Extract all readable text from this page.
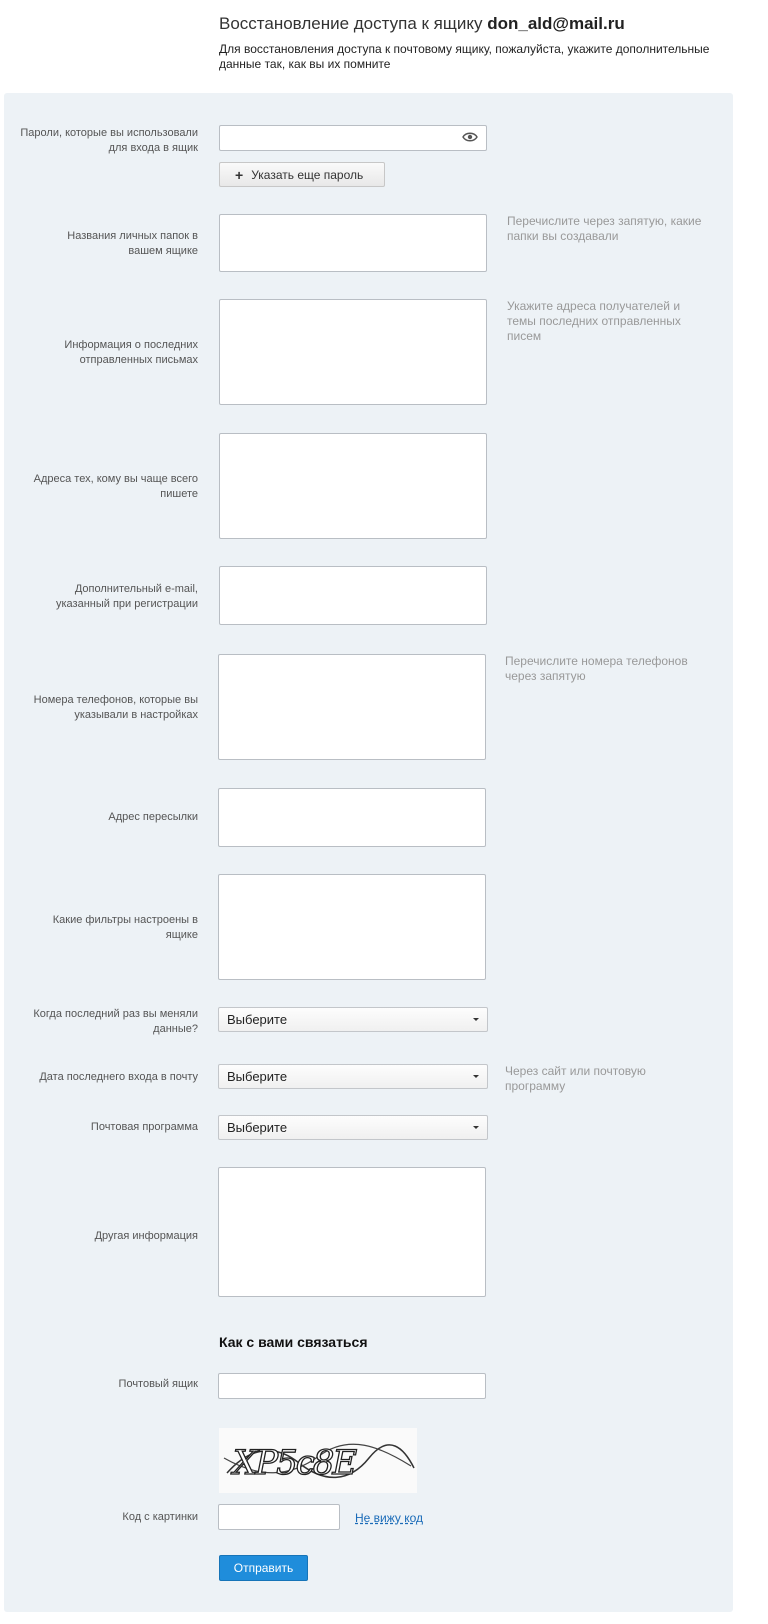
Восстановление доступа к ящику don_ald@mail.ru
Для восстановления доступа к почтовому ящику, пожалуйста, укажите дополнительные данные так, как вы их помните
Пароли, которые вы использовали для входа в ящик
+ Указать еще пароль
Названия личных папок в вашем ящике
Перечислите через запятую, какие папки вы создавали
Информация о последних отправленных письмах
Укажите адреса получателей и темы последних отправленных писем
Адреса тех, кому вы чаще всего пишете
Дополнительный e-mail, указанный при регистрации
Номера телефонов, которые вы указывали в настройках
Перечислите номера телефонов через запятую
Адрес пересылки
Какие фильтры настроены в ящике
Когда последний раз вы меняли данные?
Выберите
Дата последнего входа в почту Выберите	Через сайт или почтовую программу
Почтовая программа Выберите
Другая информация
Как с вами связаться
Почтовый ящик
XP5c8E
Код с картинки	Не вижу код
Отправить
